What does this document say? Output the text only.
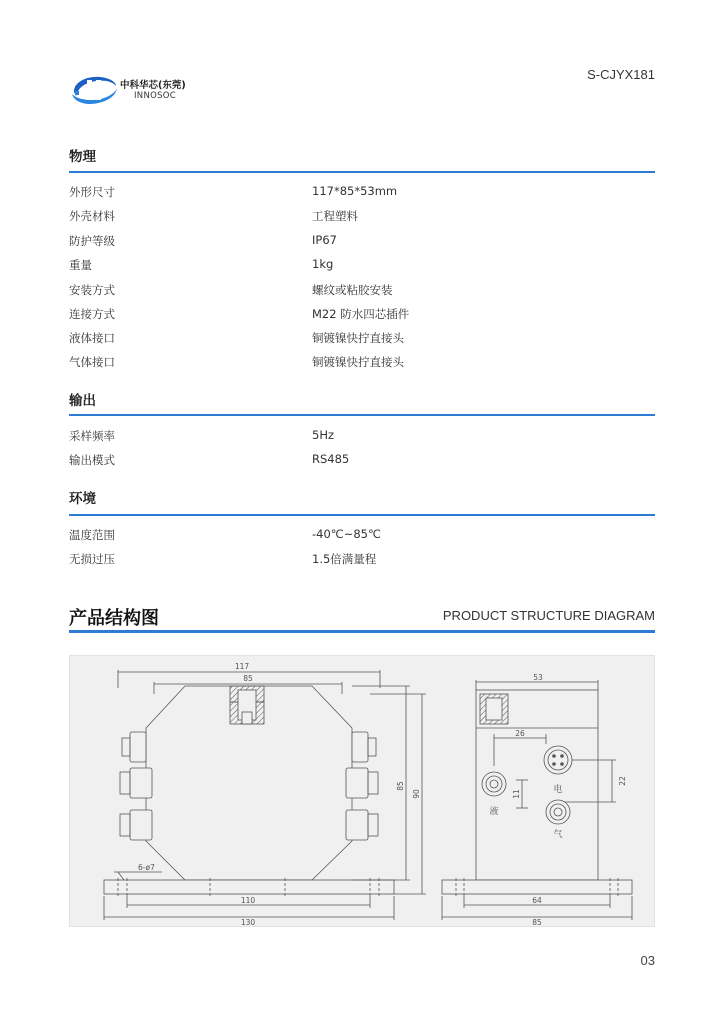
中科华芯(东莞)
INNOSOC
S-CJYX181
物理
外形尺寸	117*85*53mm
外壳材料	工程塑料
防护等级	IP67
重量	1kg
安装方式	螺纹或粘胶安装
连接方式	M22 防水四芯插件
液体接口	铜镀镍快拧直接头
气体接口	铜镀镍快拧直接头
输出
采样频率	5Hz
输出模式	RS485
环境
温度范围	-40℃~85℃
无损过压	1.5倍满量程
产品结构图	PRODUCT STRUCTURE DIAGRAM
117
85
6-ø7
110
130
85
90
53
26
22
11
64
85
液
电
气
03
